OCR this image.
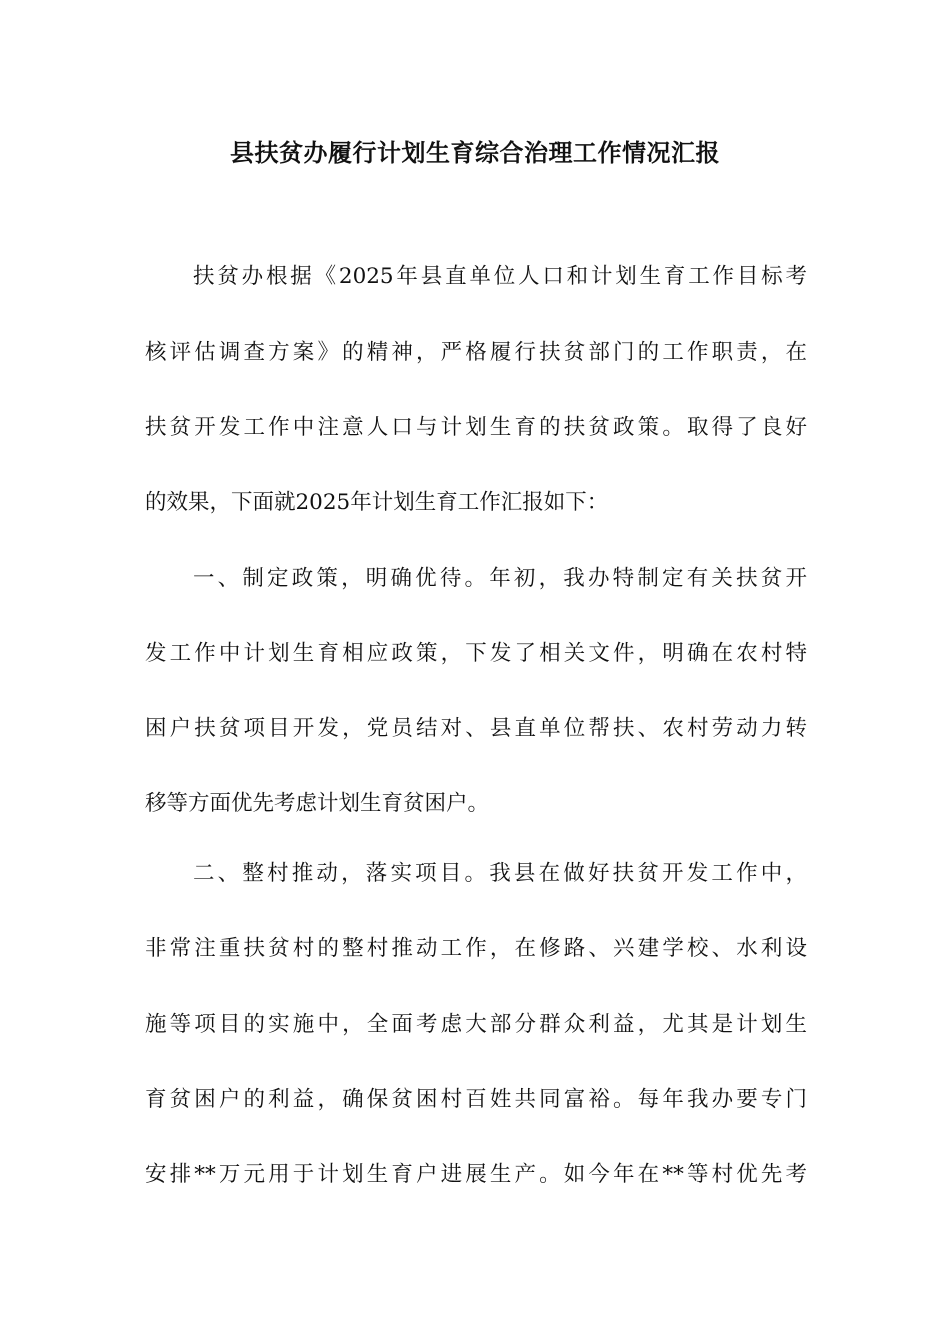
县扶贫办履行计划生育综合治理工作情况汇报

扶贫办根据《2025年县直单位人口和计划生育工作目标考

核评估调查方案》的精神，严格履行扶贫部门的工作职责，在

扶贫开发工作中注意人口与计划生育的扶贫政策。取得了良好

的效果，下面就2025年计划生育工作汇报如下：

一、制定政策，明确优待。年初，我办特制定有关扶贫开

发工作中计划生育相应政策，下发了相关文件，明确在农村特

困户扶贫项目开发，党员结对、县直单位帮扶、农村劳动力转

移等方面优先考虑计划生育贫困户。

二、整村推动，落实项目。我县在做好扶贫开发工作中，

非常注重扶贫村的整村推动工作，在修路、兴建学校、水利设

施等项目的实施中，全面考虑大部分群众利益，尤其是计划生

育贫困户的利益，确保贫困村百姓共同富裕。每年我办要专门

安排**万元用于计划生育户进展生产。如今年在**等村优先考
